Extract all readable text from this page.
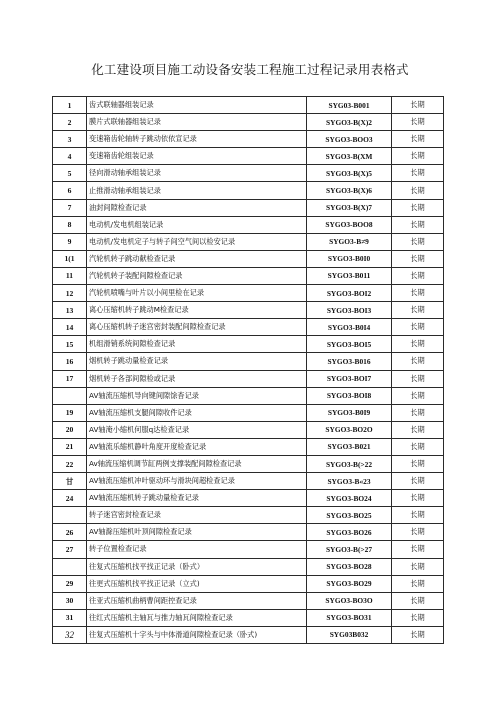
化工建设项目施工动设备安装工程施工过程记录用表格式
1	齿式联轴器组装记录	SYG03-B001	长期
2	膜片式联轴器组装记录	SYGO3-B(X)2	长期
3	变速箱齿轮轴转子跳动依依宣记录	SYGO3-BOO3	长期
4	变速箱齿轮组装记录	SYGO3-B(XM	长期
5	径向滑动轴承组装记录	SYGO3-B(X)5	长期
6	止推滑动轴承组装记录	SYGO3-B(X)6	长期
7	油封间隙检查记录	SYGO3-B(X)7	长期
8	电动机/发电机组装记录	SYGO3-BOO8	长期
9	电动机/发电机定子与转子间空气间以检安记录	SYGO3-B≠9	长期
1(1	汽轮机转子跳动献检查记录	SYGO3-B0I0	长期
11	汽轮机转子装配间隙检查记录	SYGO3-B011	长期
12	汽轮机喷嘴与叶片以小间里检在记录	SYGO3-BOI2	长期
13	离心压缩机转子跳动M检查记录	SYGO3-BOI3	长期
14	离心压缩机转子迷宫密封装配间隙检查记录	SYGO3-B0I4	长期
15	机组滑销系统间隙检查记录	SYGO3-BOI5	长期
16	烟机转子跳动量检查记录	SYGO3-B016	长期
17	烟机转子各部间隙检或记录	SYGO3-BOI7	长期
	AV轴流压缩机导向键间隙馀杳记录	SYGO3-BOI8	长期
19	AV轴流压缩机支腿间隙收件记录	SYGO3-B0I9	长期
20	AV轴淹小缩机何服q达检查记录	SYGO3-BO2O	长期
21	AV轴流乐缩机静叶角度开度检查记录	SYGO3-B021	长期
22	Av轴流压缩机调节缸两例支撑装配间隙检查记录	SYGO3-B(>22	长期
甘	AV轴流压缩机冲叶驱动环与滑块间超检查记录	SYGO3-B«23	长期
24	AV轴流压缩机转子跳动量检查记录	SYGO3-BO24	长期
	转子迷宫密封检查记录	SYGO3-BO25	长期
26	AV轴滁压缩机叶顶间隙检查记录	SYGO3-BO26	长期
27	转子位置检查记录	SYGO3-B(>27	长期
	往复式压缩机找平找正记录（卧式）	SYGO3-BO28	长期
29	往更式压缩机找平找正记录（立式)	SYGO3-BO29	长期
30	往亚式压缩机曲柄曹间距控查记录	SYGO3-BO3O	长期
31	往红式压缩机主轴瓦与推力轴瓦间隙检查记录	SYGO3-BO31	长期
32	往复式压缩机十字头与中体滑道间隙检查记录（卧式)	SYG03B032	长期
